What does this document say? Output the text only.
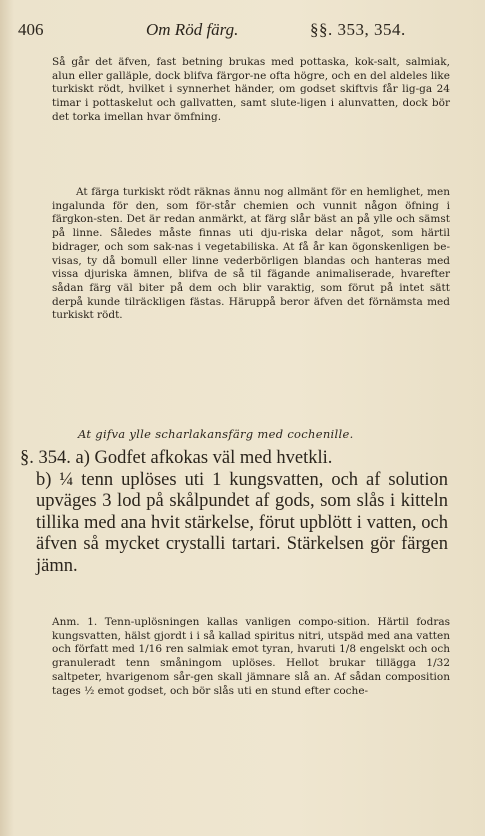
406	Om Röd färg.	§§. 353, 354.

Så går det äfven, fast betning brukas med pottaska, kok-salt, salmiak, alun eller galläple, dock blifva färgor-ne ofta högre, och en del aldeles like turkiskt rödt, hvilket i synnerhet händer, om godset skiftvis får lig-ga 24 timar i pottaskelut och gallvatten, samt slute-ligen i alunvatten, dock bör det torka imellan hvar ömfning.

At färga turkiskt rödt räknas ännu nog allmänt för en hemlighet, men ingalunda för den, som för-står chemien och vunnit någon öfning i färgkon-sten. Det är redan anmärkt, at färg slår bäst an på ylle och sämst på linne. Således måste finnas uti dju-riska delar något, som härtil bidrager, och som sak-nas i vegetabiliska. At få år kan ögonskenligen be-visas, ty då bomull eller linne vederbörligen blandas och hanteras med vissa djuriska ämnen, blifva de så til fägande animaliserade, hvarefter sådan färg väl biter på dem och blir varaktig, som förut på intet sätt derpå kunde tilräckligen fästas. Häruppå beror äfven det förnämsta med turkiskt rödt.

At gifva ylle scharlakansfärg med cochenille.

§. 354. a) Godfet afkokas väl med hvetkli.

b) ¼ tenn uplöses uti 1 kungsvatten, och af solution upväges 3 lod på skålpundet af gods, som slås i kitteln tillika med ana hvit stärkelse, förut upblött i vatten, och äfven så mycket crystalli tartari. Stärkelsen gör färgen jämn.

Anm. 1. Tenn-uplösningen kallas vanligen compo-sition. Härtil fodras kungsvatten, hälst gjordt i i så kallad spiritus nitri, utspäd med ana vatten och författ med 1/16 ren salmiak emot tyran, hvaruti 1/8 engelskt och och granuleradt tenn småningom uplöses. Hellot brukar tillägga 1/32 saltpeter, hvarigenom sår-gen skall jämnare slå an. Af sådan composition tages ½ emot godset, och bör slås uti en stund efter coche-
